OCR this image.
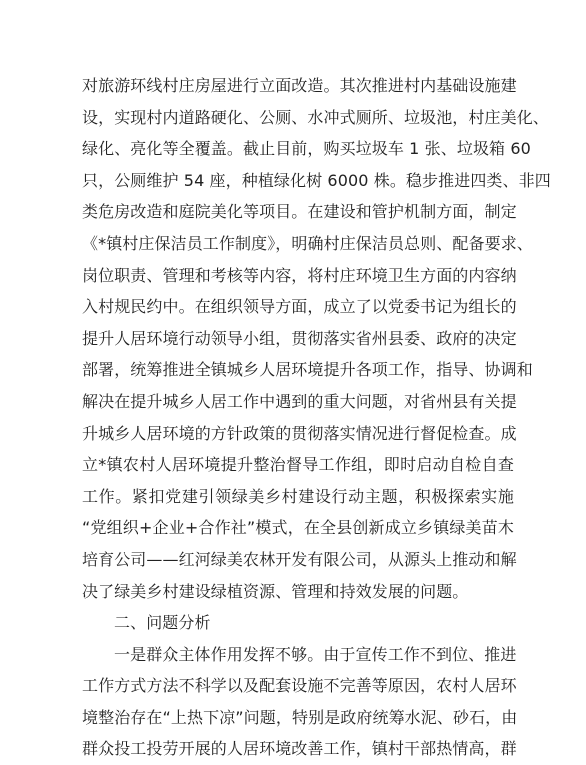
对旅游环线村庄房屋进行立面改造。其次推进村内基础设施建
设，实现村内道路硬化、公厕、水冲式厕所、垃圾池，村庄美化、
绿化、亮化等全覆盖。截止目前，购买垃圾车 1 张、垃圾箱 60
只，公厕维护 54 座，种植绿化树 6000 株。稳步推进四类、非四
类危房改造和庭院美化等项目。在建设和管护机制方面，制定
《*镇村庄保洁员工作制度》，明确村庄保洁员总则、配备要求、
岗位职责、管理和考核等内容，将村庄环境卫生方面的内容纳
入村规民约中。在组织领导方面，成立了以党委书记为组长的
提升人居环境行动领导小组，贯彻落实省州县委、政府的决定
部署，统筹推进全镇城乡人居环境提升各项工作，指导、协调和
解决在提升城乡人居工作中遇到的重大问题，对省州县有关提
升城乡人居环境的方针政策的贯彻落实情况进行督促检查。成
立*镇农村人居环境提升整治督导工作组，即时启动自检自查
工作。紧扣党建引领绿美乡村建设行动主题，积极探索实施
“党组织+企业+合作社”模式，在全县创新成立乡镇绿美苗木
培育公司——红河绿美农林开发有限公司，从源头上推动和解
决了绿美乡村建设绿植资源、管理和持效发展的问题。
二、问题分析
一是群众主体作用发挥不够。由于宣传工作不到位、推进
工作方式方法不科学以及配套设施不完善等原因，农村人居环
境整治存在“上热下凉”问题，特别是政府统筹水泥、砂石，由
群众投工投劳开展的人居环境改善工作，镇村干部热情高，群
